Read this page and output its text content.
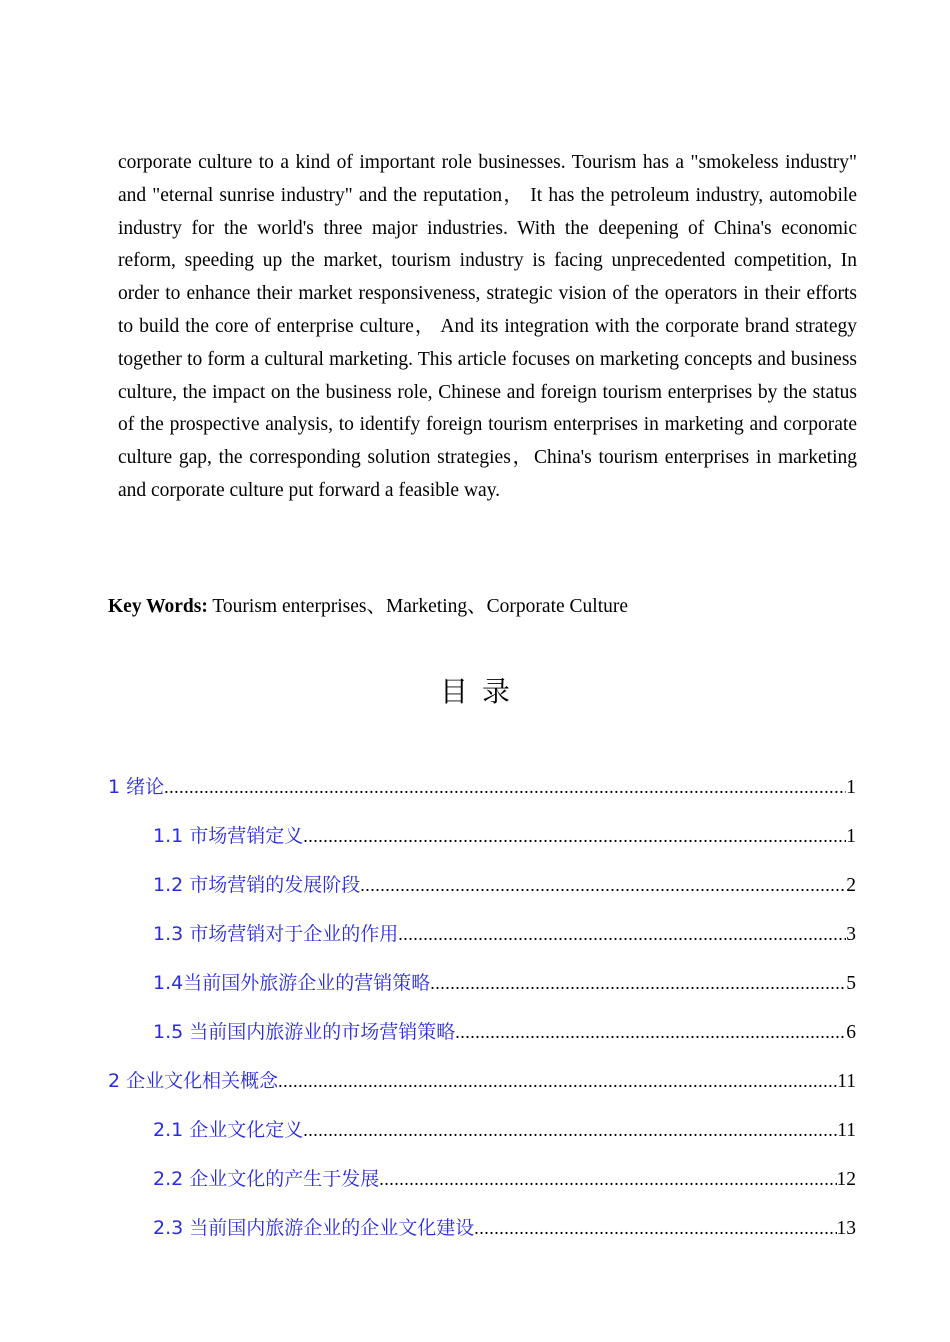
corporate culture to a kind of important role businesses. Tourism has a "smokeless industry" and "eternal sunrise industry" and the reputation， It has the petroleum industry, automobile industry for the world's three major industries. With the deepening of China's economic reform, speeding up the market, tourism industry is facing unprecedented competition, In order to enhance their market responsiveness, strategic vision of the operators in their efforts to build the core of enterprise culture， And its integration with the corporate brand strategy together to form a cultural marketing. This article focuses on marketing concepts and business culture, the impact on the business role, Chinese and foreign tourism enterprises by the status of the prospective analysis, to identify foreign tourism enterprises in marketing and corporate culture gap, the corresponding solution strategies，China's tourism enterprises in marketing and corporate culture put forward a feasible way.
Key Words: Tourism enterprises、Marketing、Corporate Culture
目录
1 绪论 .....	1
1.1 市场营销定义 .....	1
1.2 市场营销的发展阶段 .....	2
1.3 市场营销对于企业的作用 .....	3
1.4当前国外旅游企业的营销策略 .....	5
1.5 当前国内旅游业的市场营销策略 .....	6
2 企业文化相关概念 .....	11
2.1 企业文化定义 .....	11
2.2 企业文化的产生于发展 .....	12
2.3 当前国内旅游企业的企业文化建设 .....	13
